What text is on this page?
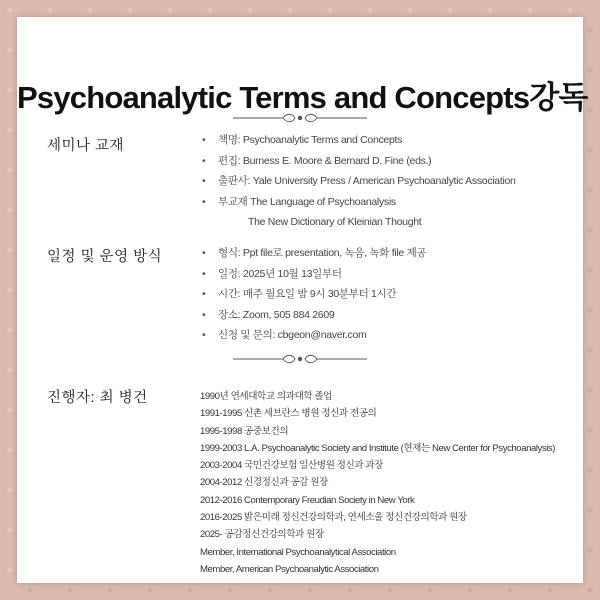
Psychoanalytic Terms and Concepts강독
세미나 교재	• 책명: Psychoanalytic Terms and Concepts
• 편집: Burness E. Moore & Bernard D. Fine (eds.)
• 출판사: Yale University Press / American Psychoanalytic Association
• 부교재 The Language of Psychoanalysis
The New Dictionary of Kleinian Thought
일정 및 운영 방식	• 형식: Ppt file로 presentation, 녹음, 녹화 file 제공
• 일정: 2025년 10월 13일부터
• 시간: 매주 월요일 밤 9시 30분부터 1시간
• 장소: Zoom, 505 884 2609
• 신청 및 문의: cbgeon@naver.com
진행자: 최 병건	1990년 연세대학교 의과대학 졸업
1991-1995 신촌 세브란스 병원 정신과 전공의
1995-1998 공중보건의
1999-2003 L.A. Psychoanalytic Society and Institute (현재는 New Center for Psychoanalysis)
2003-2004 국민건강보험 일산병원 정신과 과장
2004-2012 신경정신과 공감 원장
2012-2016 Contemporary Freudian Society in New York
2016-2025 밝은미래 정신건강의학과, 연세소울 정신건강의학과 원장
2025- 공감정신건강의학과 원장
Member, International Psychoanalytical Association
Member, American Psychoanalytic Association
